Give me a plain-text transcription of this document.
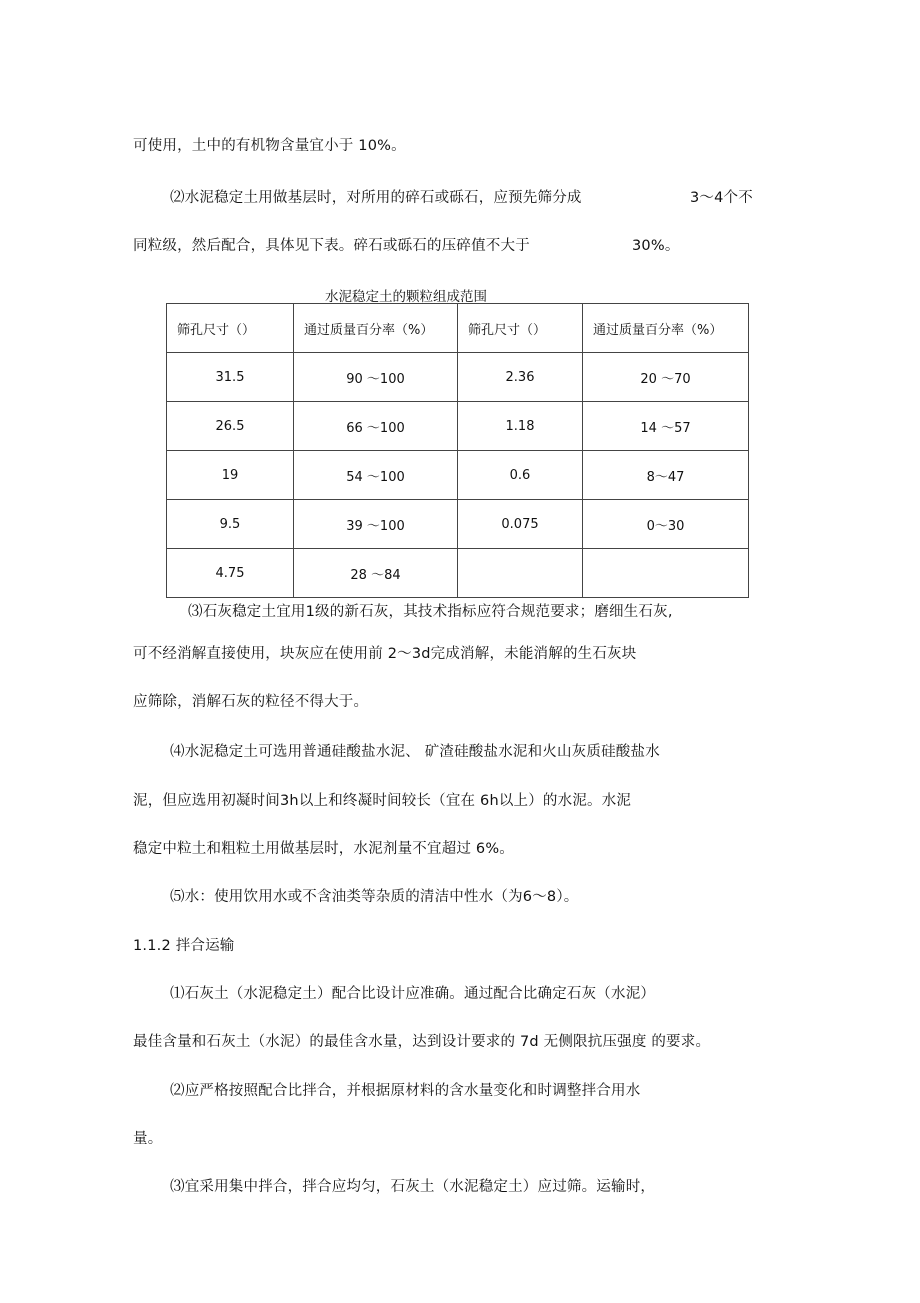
可使用，土中的有机物含量宜小于 10%。
⑵水泥稳定土用做基层时，对所用的碎石或砾石，应预先筛分成	3～4个不
同粒级，然后配合，具体见下表。碎石或砾石的压碎值不大于	30%。
水泥稳定土的颗粒组成范围
筛孔尺寸（）	通过质量百分率（%）	筛孔尺寸（）	通过质量百分率（%）
31.5	90 ～100	2.36	20 ～70
26.5	66 ～100	1.18	14 ～57
19	54 ～100	0.6	8～47
9.5	39 ～100	0.075	0～30
4.75	28 ～84		
⑶石灰稳定土宜用1级的新石灰，其技术指标应符合规范要求；磨细生石灰,
可不经消解直接使用，块灰应在使用前 2～3d完成消解，未能消解的生石灰块
应筛除，消解石灰的粒径不得大于。
⑷水泥稳定土可选用普通硅酸盐水泥、 矿渣硅酸盐水泥和火山灰质硅酸盐水
泥，但应选用初凝时间3h以上和终凝时间较长（宜在 6h以上）的水泥。水泥
稳定中粒土和粗粒土用做基层时，水泥剂量不宜超过 6%。
⑸水：使用饮用水或不含油类等杂质的清洁中性水（为6～8）。
1.1.2 拌合运输
⑴石灰土（水泥稳定土）配合比设计应准确。通过配合比确定石灰（水泥）
最佳含量和石灰土（水泥）的最佳含水量，达到设计要求的 7d 无侧限抗压强度 的要求。
⑵应严格按照配合比拌合，并根据原材料的含水量变化和时调整拌合用水
量。
⑶宜采用集中拌合，拌合应均匀，石灰土（水泥稳定土）应过筛。运输时，
